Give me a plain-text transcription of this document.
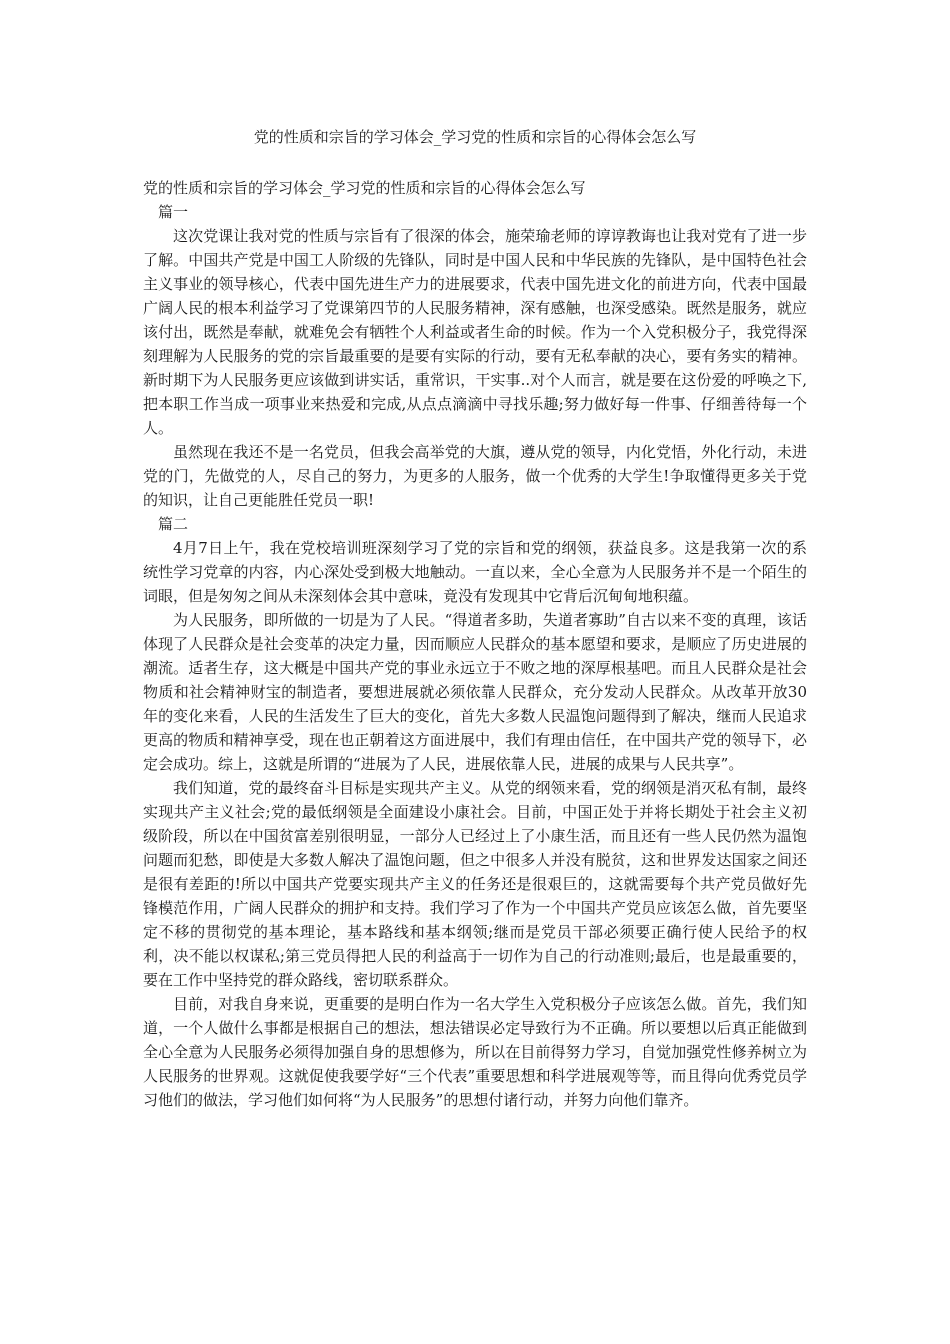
党的性质和宗旨的学习体会_学习党的性质和宗旨的心得体会怎么写

党的性质和宗旨的学习体会_学习党的性质和宗旨的心得体会怎么写

篇一

这次党课让我对党的性质与宗旨有了很深的体会，施荣瑜老师的谆谆教诲也让我对党有了进一步了解。中国共产党是中国工人阶级的先锋队，同时是中国人民和中华民族的先锋队，是中国特色社会主义事业的领导核心，代表中国先进生产力的进展要求，代表中国先进文化的前进方向，代表中国最广阔人民的根本利益学习了党课第四节的人民服务精神，深有感触，也深受感染。既然是服务，就应该付出，既然是奉献，就难免会有牺牲个人利益或者生命的时候。作为一个入党积极分子，我党得深刻理解为人民服务的党的宗旨最重要的是要有实际的行动，要有无私奉献的决心，要有务实的精神。新时期下为人民服务更应该做到讲实话，重常识，干实事..对个人而言，就是要在这份爱的呼唤之下,把本职工作当成一项事业来热爱和完成,从点点滴滴中寻找乐趣;努力做好每一件事、仔细善待每一个人。

虽然现在我还不是一名党员，但我会高举党的大旗，遵从党的领导，内化党悟，外化行动，未进党的门，先做党的人，尽自己的努力，为更多的人服务，做一个优秀的大学生!争取懂得更多关于党的知识，让自己更能胜任党员一职!

篇二

4月7日上午，我在党校培训班深刻学习了党的宗旨和党的纲领，获益良多。这是我第一次的系统性学习党章的内容，内心深处受到极大地触动。一直以来，全心全意为人民服务并不是一个陌生的词眼，但是匆匆之间从未深刻体会其中意味，竟没有发现其中它背后沉甸甸地积蕴。

为人民服务，即所做的一切是为了人民。“得道者多助，失道者寡助”自古以来不变的真理，该话体现了人民群众是社会变革的决定力量，因而顺应人民群众的基本愿望和要求，是顺应了历史进展的潮流。适者生存，这大概是中国共产党的事业永远立于不败之地的深厚根基吧。而且人民群众是社会物质和社会精神财宝的制造者，要想进展就必须依靠人民群众，充分发动人民群众。从改革开放30年的变化来看，人民的生活发生了巨大的变化，首先大多数人民温饱问题得到了解决，继而人民追求更高的物质和精神享受，现在也正朝着这方面进展中，我们有理由信任，在中国共产党的领导下，必定会成功。综上，这就是所谓的“进展为了人民，进展依靠人民，进展的成果与人民共享”。

我们知道，党的最终奋斗目标是实现共产主义。从党的纲领来看，党的纲领是消灭私有制，最终实现共产主义社会;党的最低纲领是全面建设小康社会。目前，中国正处于并将长期处于社会主义初级阶段，所以在中国贫富差别很明显，一部分人已经过上了小康生活，而且还有一些人民仍然为温饱问题而犯愁，即使是大多数人解决了温饱问题，但之中很多人并没有脱贫，这和世界发达国家之间还是很有差距的!所以中国共产党要实现共产主义的任务还是很艰巨的，这就需要每个共产党员做好先锋模范作用，广阔人民群众的拥护和支持。我们学习了作为一个中国共产党员应该怎么做，首先要坚定不移的贯彻党的基本理论，基本路线和基本纲领;继而是党员干部必须要正确行使人民给予的权利，决不能以权谋私;第三党员得把人民的利益高于一切作为自己的行动准则;最后，也是最重要的，要在工作中坚持党的群众路线，密切联系群众。

目前，对我自身来说，更重要的是明白作为一名大学生入党积极分子应该怎么做。首先，我们知道，一个人做什么事都是根据自己的想法，想法错误必定导致行为不正确。所以要想以后真正能做到全心全意为人民服务必须得加强自身的思想修为，所以在目前得努力学习，自觉加强党性修养树立为人民服务的世界观。这就促使我要学好“三个代表”重要思想和科学进展观等等，而且得向优秀党员学习他们的做法，学习他们如何将“为人民服务”的思想付诸行动，并努力向他们靠齐。
